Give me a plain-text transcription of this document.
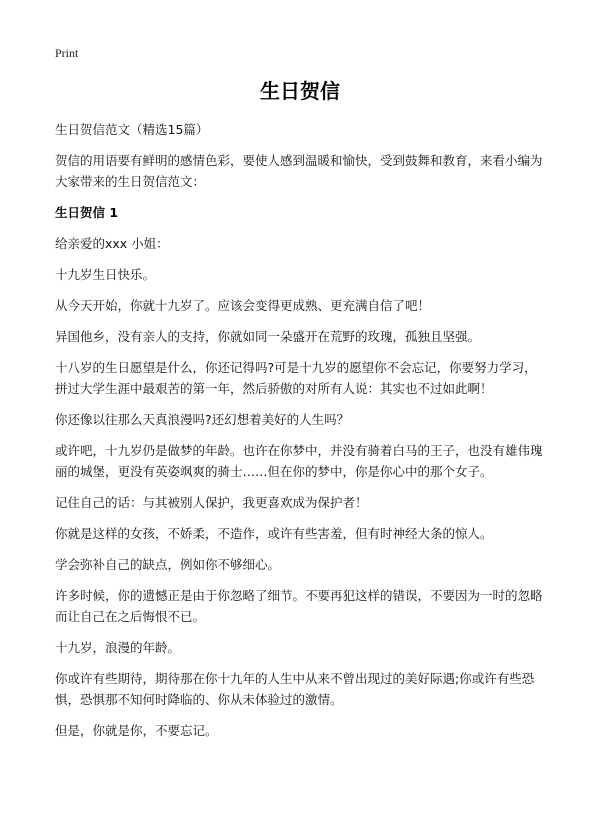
Print
生日贺信

生日贺信范文（精选15篇）

贺信的用语要有鲜明的感情色彩，要使人感到温暖和愉快，受到鼓舞和教育，来看小编为大家带来的生日贺信范文：

生日贺信 1

给亲爱的xxx 小姐：

十九岁生日快乐。

从今天开始，你就十九岁了。应该会变得更成熟、更充满自信了吧！

异国他乡，没有亲人的支持，你就如同一朵盛开在荒野的玫瑰，孤独且坚强。

十八岁的生日愿望是什么，你还记得吗?可是十九岁的愿望你不会忘记，你要努力学习，拼过大学生涯中最艰苦的第一年，然后骄傲的对所有人说：其实也不过如此啊！

你还像以往那么天真浪漫吗?还幻想着美好的人生吗？

或许吧，十九岁仍是做梦的年龄。也许在你梦中，并没有骑着白马的王子，也没有雄伟瑰丽的城堡，更没有英姿飒爽的骑士……但在你的梦中，你是你心中的那个女子。

记住自己的话：与其被别人保护，我更喜欢成为保护者！

你就是这样的女孩，不娇柔，不造作，或许有些害羞，但有时神经大条的惊人。

学会弥补自己的缺点，例如你不够细心。

许多时候，你的遗憾正是由于你忽略了细节。不要再犯这样的错误，不要因为一时的忽略而让自己在之后悔恨不已。

十九岁，浪漫的年龄。

你或许有些期待，期待那在你十九年的人生中从来不曾出现过的美好际遇;你或许有些恐惧，恐惧那不知何时降临的、你从未体验过的激情。

但是，你就是你，不要忘记。
